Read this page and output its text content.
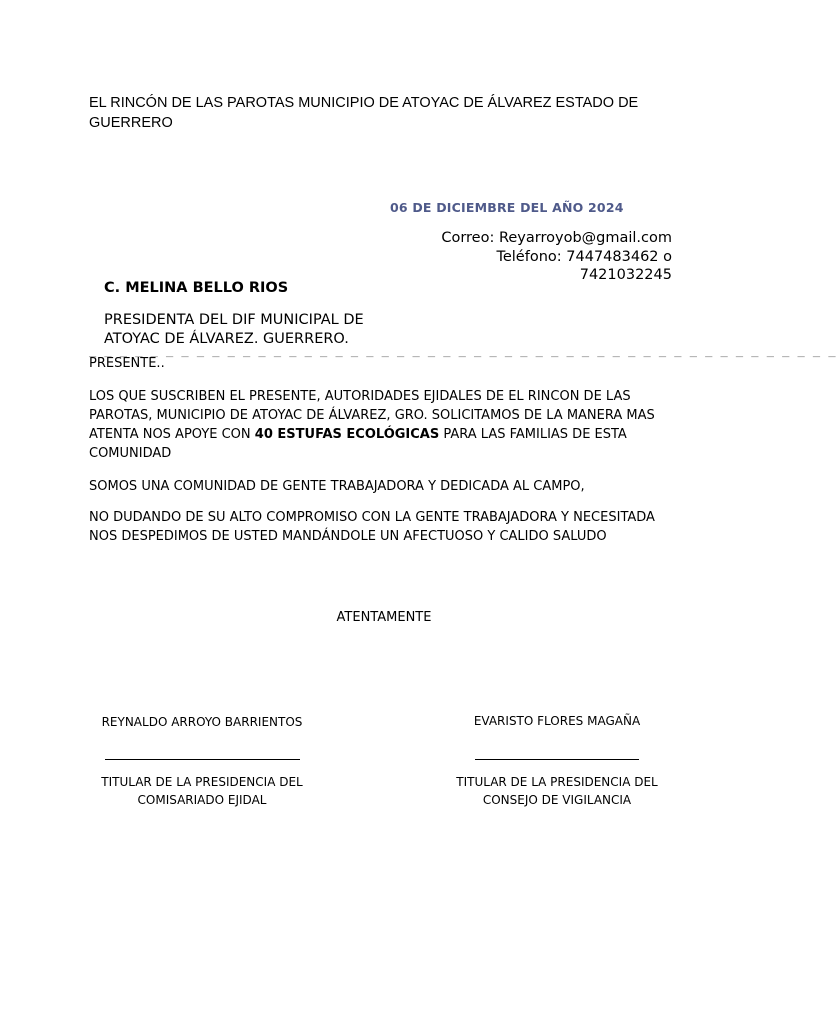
EL RINCÓN DE LAS PAROTAS MUNICIPIO DE ATOYAC DE ÁLVAREZ ESTADO DE GUERRERO
06 DE DICIEMBRE DEL AÑO 2024
Correo: Reyarroyob@gmail.com
Teléfono: 7447483462 o
7421032245
C. MELINA BELLO RIOS
PRESIDENTA DEL DIF MUNICIPAL DE ATOYAC DE ÁLVAREZ. GUERRERO.
_ _ _ _ _ _ _ _ _ _ _ _ _ _ _ _ _ _ _ _ _ _ _ _ _ _ _ _ _ _ _ _ _ _ _ _ _ _ _ _ _ _ _ _ _ _ _ _ _
PRESENTE..
LOS QUE SUSCRIBEN EL PRESENTE, AUTORIDADES EJIDALES DE EL RINCON DE LAS PAROTAS, MUNICIPIO DE ATOYAC DE ÁLVAREZ, GRO. SOLICITAMOS DE LA MANERA MAS ATENTA NOS APOYE CON 40 ESTUFAS ECOLÓGICAS PARA LAS FAMILIAS DE ESTA COMUNIDAD
SOMOS UNA COMUNIDAD DE GENTE TRABAJADORA Y DEDICADA AL CAMPO,
NO DUDANDO DE SU ALTO COMPROMISO CON LA GENTE TRABAJADORA Y NECESITADA NOS DESPEDIMOS DE USTED MANDÁNDOLE UN AFECTUOSO Y CALIDO SALUDO
ATENTAMENTE
REYNALDO ARROYO BARRIENTOS
TITULAR DE LA PRESIDENCIA DEL COMISARIADO EJIDAL
EVARISTO FLORES MAGAÑA
TITULAR DE LA PRESIDENCIA DEL CONSEJO DE VIGILANCIA
